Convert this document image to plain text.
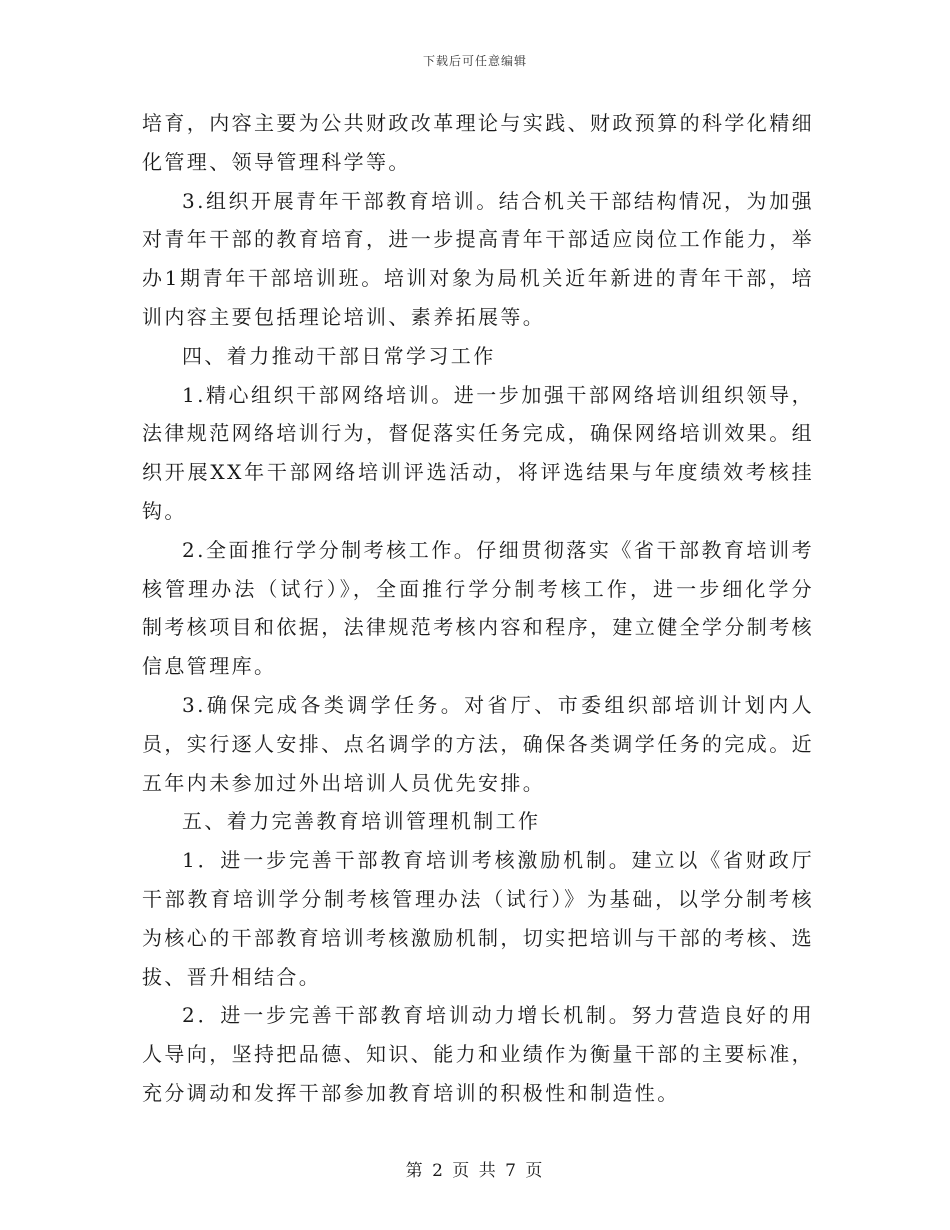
下载后可任意编辑

培育，内容主要为公共财政改革理论与实践、财政预算的科学化精细化管理、领导管理科学等。

3.组织开展青年干部教育培训。结合机关干部结构情况，为加强对青年干部的教育培育，进一步提高青年干部适应岗位工作能力，举办1期青年干部培训班。培训对象为局机关近年新进的青年干部，培训内容主要包括理论培训、素养拓展等。

四、着力推动干部日常学习工作

1.精心组织干部网络培训。进一步加强干部网络培训组织领导，法律规范网络培训行为，督促落实任务完成，确保网络培训效果。组织开展XX年干部网络培训评选活动，将评选结果与年度绩效考核挂钩。

2.全面推行学分制考核工作。仔细贯彻落实《省干部教育培训考核管理办法（试行）》，全面推行学分制考核工作，进一步细化学分制考核项目和依据，法律规范考核内容和程序，建立健全学分制考核信息管理库。

3.确保完成各类调学任务。对省厅、市委组织部培训计划内人员，实行逐人安排、点名调学的方法，确保各类调学任务的完成。近五年内未参加过外出培训人员优先安排。

五、着力完善教育培训管理机制工作

1．进一步完善干部教育培训考核激励机制。建立以《省财政厅干部教育培训学分制考核管理办法（试行）》为基础，以学分制考核为核心的干部教育培训考核激励机制，切实把培训与干部的考核、选拔、晋升相结合。

2．进一步完善干部教育培训动力增长机制。努力营造良好的用人导向，坚持把品德、知识、能力和业绩作为衡量干部的主要标准，充分调动和发挥干部参加教育培训的积极性和制造性。

第 2 页 共 7 页
